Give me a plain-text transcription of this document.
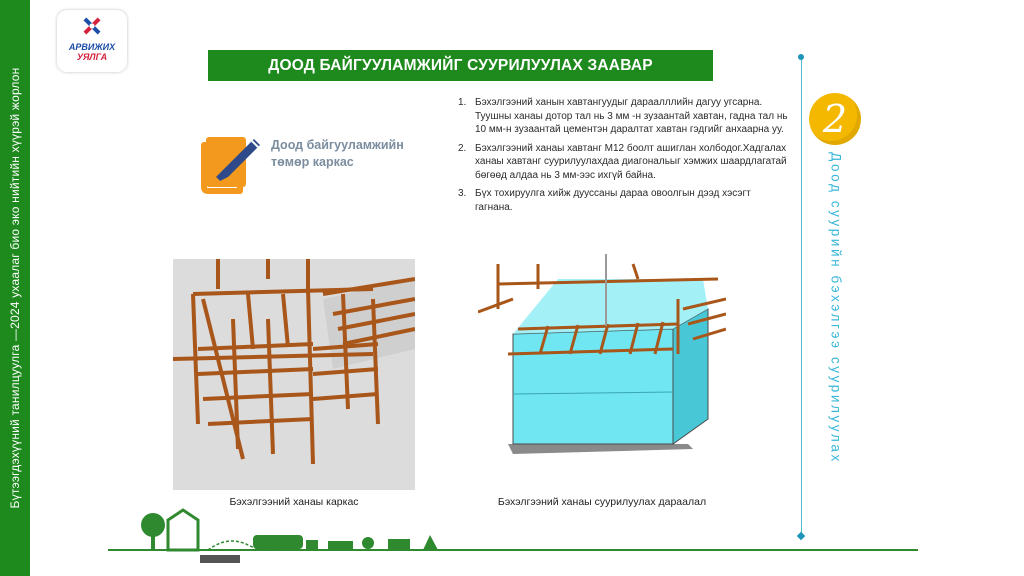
Бүтээгдэхүүний танилцуулга —2024 ухаалаг био эко нийтийн хүүрэй жорлон
АРВИЖИХ
УЯЛГА	ДООД БАЙГУУЛАМЖИЙГ СУУРИЛУУЛАХ ЗААВАР
Доод байгууламжийн
төмөр каркас
1. Бэхэлгээний ханын хавтангуудыг дараалллийн дагуу угсарна. Туушны ханаы дотор тал нь 3 мм -н зузаантай хавтан, гадна тал нь 10 мм-н зузаантай цементэн даралтат хавтан гэдгийг анхаарна уу.
2. Бэхэлгээний ханаы хавтанг М12 боолт ашиглан холбодог.Хадгалах ханаы хавтанг суурилуулахдаа диагональыг хэмжих шаардлагатай бөгөөд алдаа нь 3 мм-ээс ихгүй байна.
3. Бүх тохируулга хийж дууссаны дараа овоолгын дээд хэсэгт гагнана.
Бэхэлгээний ханаы каркас	Бэхэлгээний ханаы суурилуулах дараалал
2
Доод суурийн бэхэлгээ суурилуулах
